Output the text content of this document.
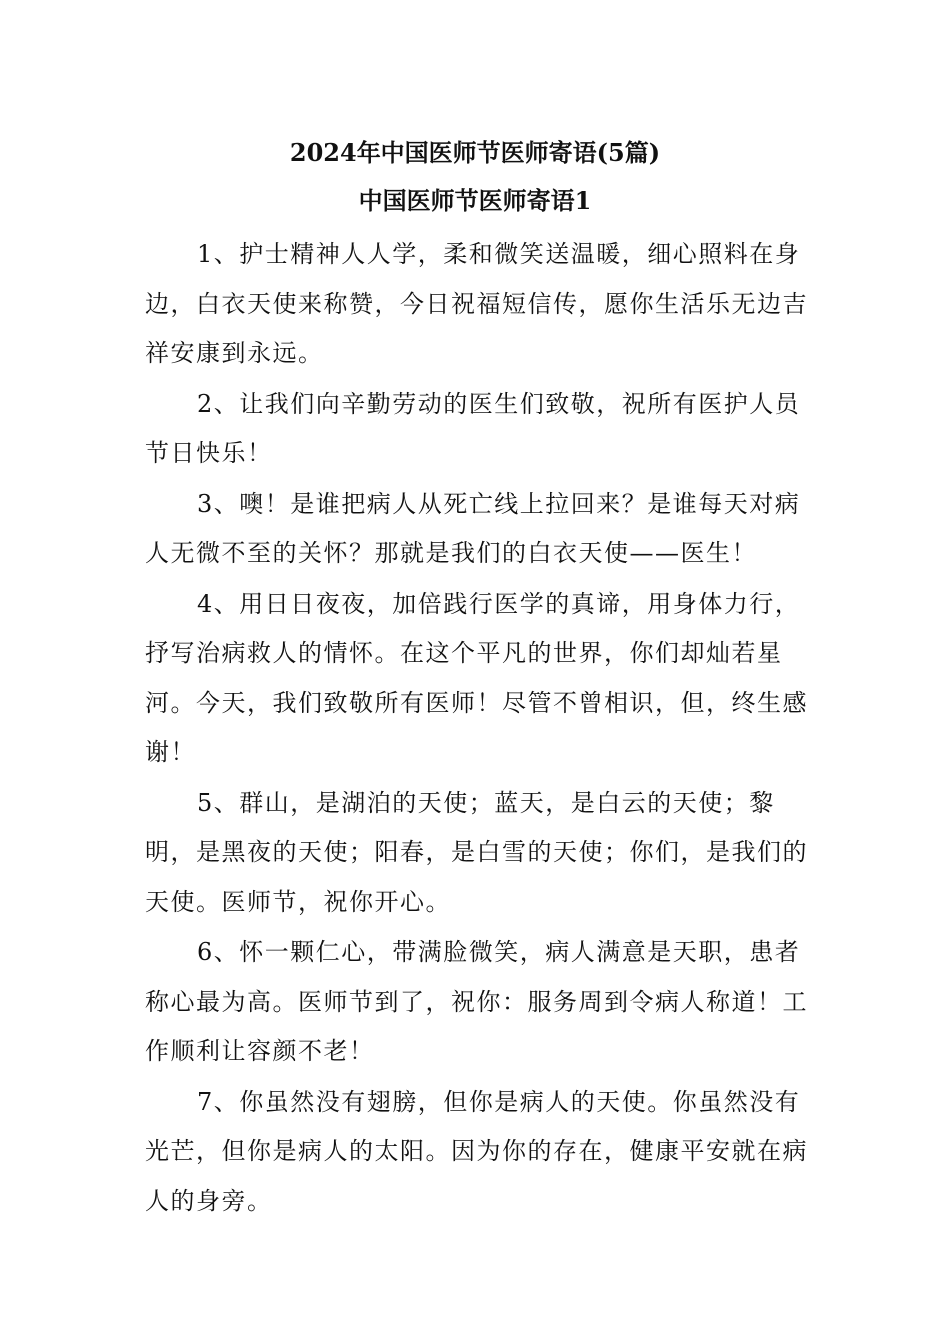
2024年中国医师节医师寄语(5篇)
中国医师节医师寄语1

1、护士精神人人学，柔和微笑送温暖，细心照料在身边，白衣天使来称赞，今日祝福短信传，愿你生活乐无边吉祥安康到永远。

2、让我们向辛勤劳动的医生们致敬，祝所有医护人员节日快乐！

3、噢！是谁把病人从死亡线上拉回来？是谁每天对病人无微不至的关怀？那就是我们的白衣天使——医生！

4、用日日夜夜，加倍践行医学的真谛，用身体力行，抒写治病救人的情怀。在这个平凡的世界，你们却灿若星河。今天，我们致敬所有医师！尽管不曾相识，但，终生感谢！

5、群山，是湖泊的天使；蓝天，是白云的天使；黎明，是黑夜的天使；阳春，是白雪的天使；你们，是我们的天使。医师节，祝你开心。

6、怀一颗仁心，带满脸微笑，病人满意是天职，患者称心最为高。医师节到了，祝你：服务周到令病人称道！工作顺利让容颜不老！

7、你虽然没有翅膀，但你是病人的天使。你虽然没有光芒，但你是病人的太阳。因为你的存在，健康平安就在病人的身旁。
